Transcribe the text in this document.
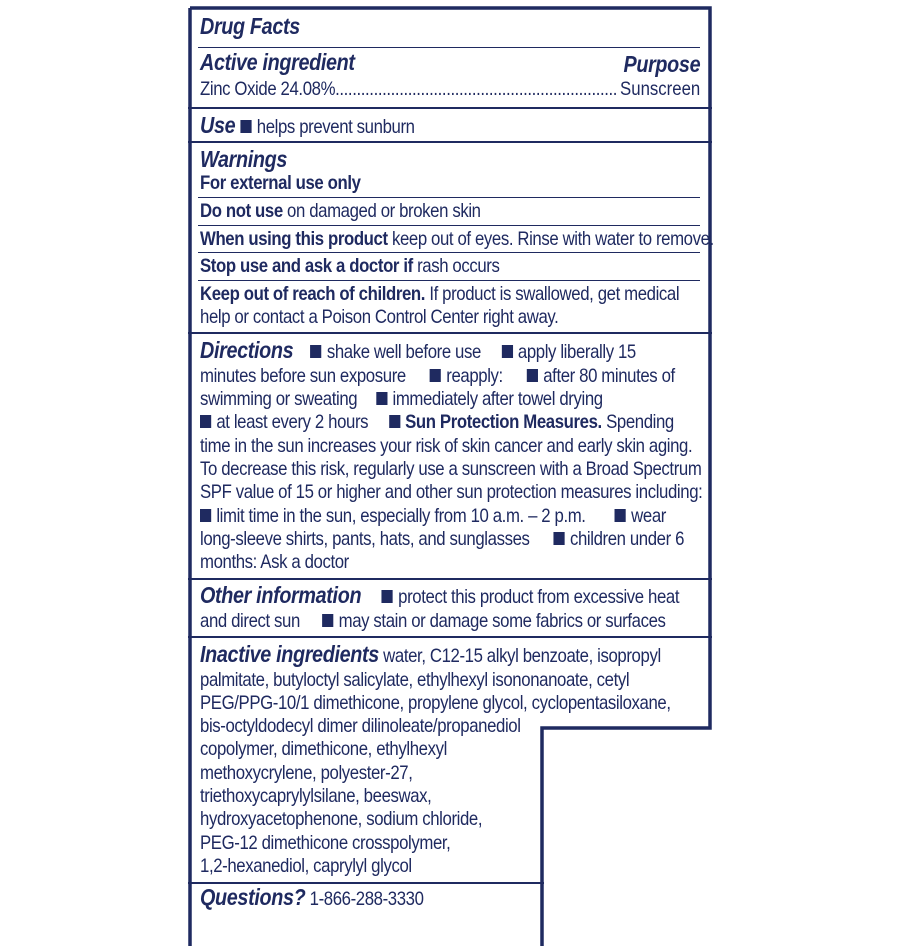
Drug Facts
Active ingredient	Purpose
Zinc Oxide 24.08%.................................................................. Sunscreen
Use helps prevent sunburn
Warnings
For external use only
Do not use on damaged or broken skin
When using this product keep out of eyes. Rinse with water to remove.
Stop use and ask a doctor if rash occurs
Keep out of reach of children. If product is swallowed, get medical
help or contact a Poison Control Center right away.
Directions shake well before use apply liberally 15
minutes before sun exposure reapply: after 80 minutes of
swimming or sweating immediately after towel drying
at least every 2 hours Sun Protection Measures. Spending
time in the sun increases your risk of skin cancer and early skin aging.
To decrease this risk, regularly use a sunscreen with a Broad Spectrum
SPF value of 15 or higher and other sun protection measures including:
limit time in the sun, especially from 10 a.m. – 2 p.m. wear
long-sleeve shirts, pants, hats, and sunglasses children under 6
months: Ask a doctor
Other information protect this product from excessive heat
and direct sun may stain or damage some fabrics or surfaces
Inactive ingredients water, C12-15 alkyl benzoate, isopropyl
palmitate, butyloctyl salicylate, ethylhexyl isononanoate, cetyl
PEG/PPG-10/1 dimethicone, propylene glycol, cyclopentasiloxane,
bis-octyldodecyl dimer dilinoleate/propanediol
copolymer, dimethicone, ethylhexyl
methoxycrylene, polyester-27,
triethoxycaprylylsilane, beeswax,
hydroxyacetophenone, sodium chloride,
PEG-12 dimethicone crosspolymer,
1,2-hexanediol, caprylyl glycol
Questions? 1-866-288-3330
